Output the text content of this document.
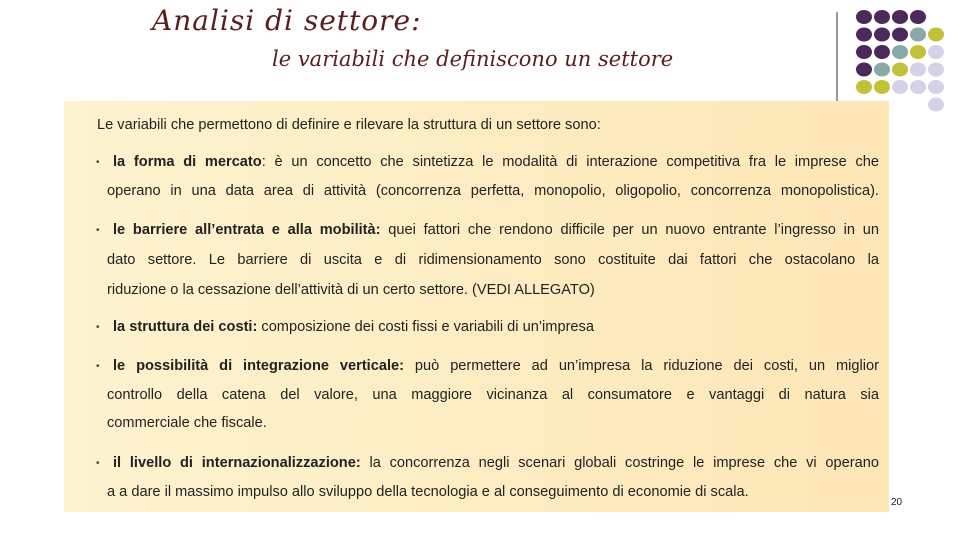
Analisi di settore:
le variabili che definiscono un settore
Le variabili che permettono di definire e rilevare la struttura di un settore sono:
• la forma di mercato: è un concetto che sintetizza le modalità di interazione competitiva fra le imprese che
operano in una data area di attività (concorrenza perfetta, monopolio, oligopolio, concorrenza monopolistica).
• le barriere all’entrata e alla mobilità: quei fattori che rendono difficile per un nuovo entrante l’ingresso in un
dato settore. Le barriere di uscita e di ridimensionamento sono costituite dai fattori che ostacolano la
riduzione o la cessazione dell’attività di un certo settore. (VEDI ALLEGATO)
• la struttura dei costi: composizione dei costi fissi e variabili di un’impresa
• le possibilità di integrazione verticale: può permettere ad un’impresa la riduzione dei costi, un miglior
controllo della catena del valore, una maggiore vicinanza al consumatore e vantaggi di natura sia
commerciale che fiscale.
• il livello di internazionalizzazione: la concorrenza negli scenari globali costringe le imprese che vi operano
a a dare il massimo impulso allo sviluppo della tecnologia e al conseguimento di economie di scala.
20
